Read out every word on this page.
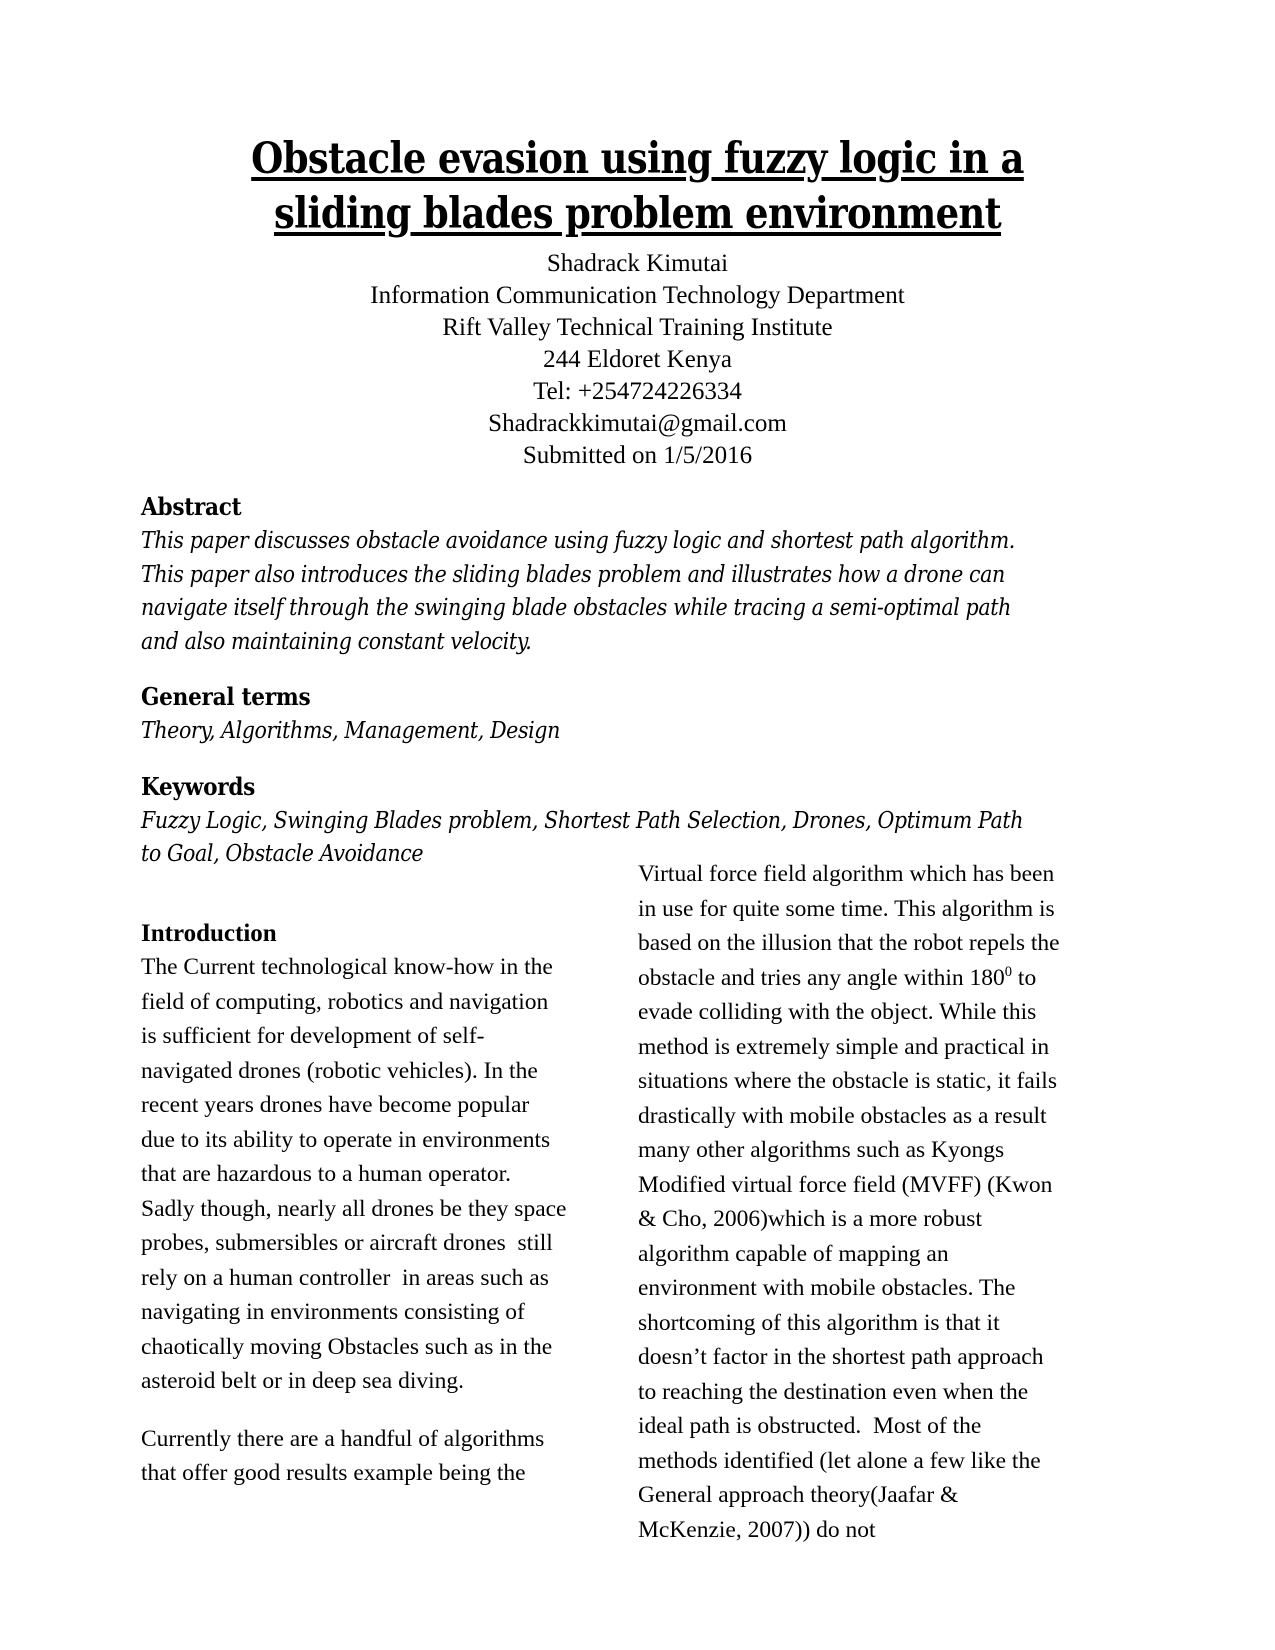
Obstacle evasion using fuzzy logic in a sliding blades problem environment

Shadrack Kimutai

Information Communication Technology Department

Rift Valley Technical Training Institute

244 Eldoret Kenya

Tel: +254724226334

Shadrackkimutai@gmail.com

Submitted on 1/5/2016

Abstract

This paper discusses obstacle avoidance using fuzzy logic and shortest path algorithm. This paper also introduces the sliding blades problem and illustrates how a drone can navigate itself through the swinging blade obstacles while tracing a semi-optimal path and also maintaining constant velocity.

General terms

Theory, Algorithms, Management, Design

Keywords

Fuzzy Logic, Swinging Blades problem, Shortest Path Selection, Drones, Optimum Path to Goal, Obstacle Avoidance

Introduction

The Current technological know-how in the field of computing, robotics and navigation is sufficient for development of self-navigated drones (robotic vehicles). In the recent years drones have become popular due to its ability to operate in environments that are hazardous to a human operator. Sadly though, nearly all drones be they space probes, submersibles or aircraft drones  still rely on a human controller  in areas such as navigating in environments consisting of chaotically moving Obstacles such as in the asteroid belt or in deep sea diving.

Currently there are a handful of algorithms that offer good results example being the

Virtual force field algorithm which has been in use for quite some time. This algorithm is based on the illusion that the robot repels the obstacle and tries any angle within $180^0$ to evade colliding with the object. While this method is extremely simple and practical in situations where the obstacle is static, it fails drastically with mobile obstacles as a result many other algorithms such as Kyongs Modified virtual force field (MVFF) (Kwon & Cho, 2006)which is a more robust algorithm capable of mapping an environment with mobile obstacles. The shortcoming of this algorithm is that it doesn’t factor in the shortest path approach to reaching the destination even when the ideal path is obstructed.  Most of the methods identified (let alone a few like the General approach theory(Jaafar & McKenzie, 2007)) do not
